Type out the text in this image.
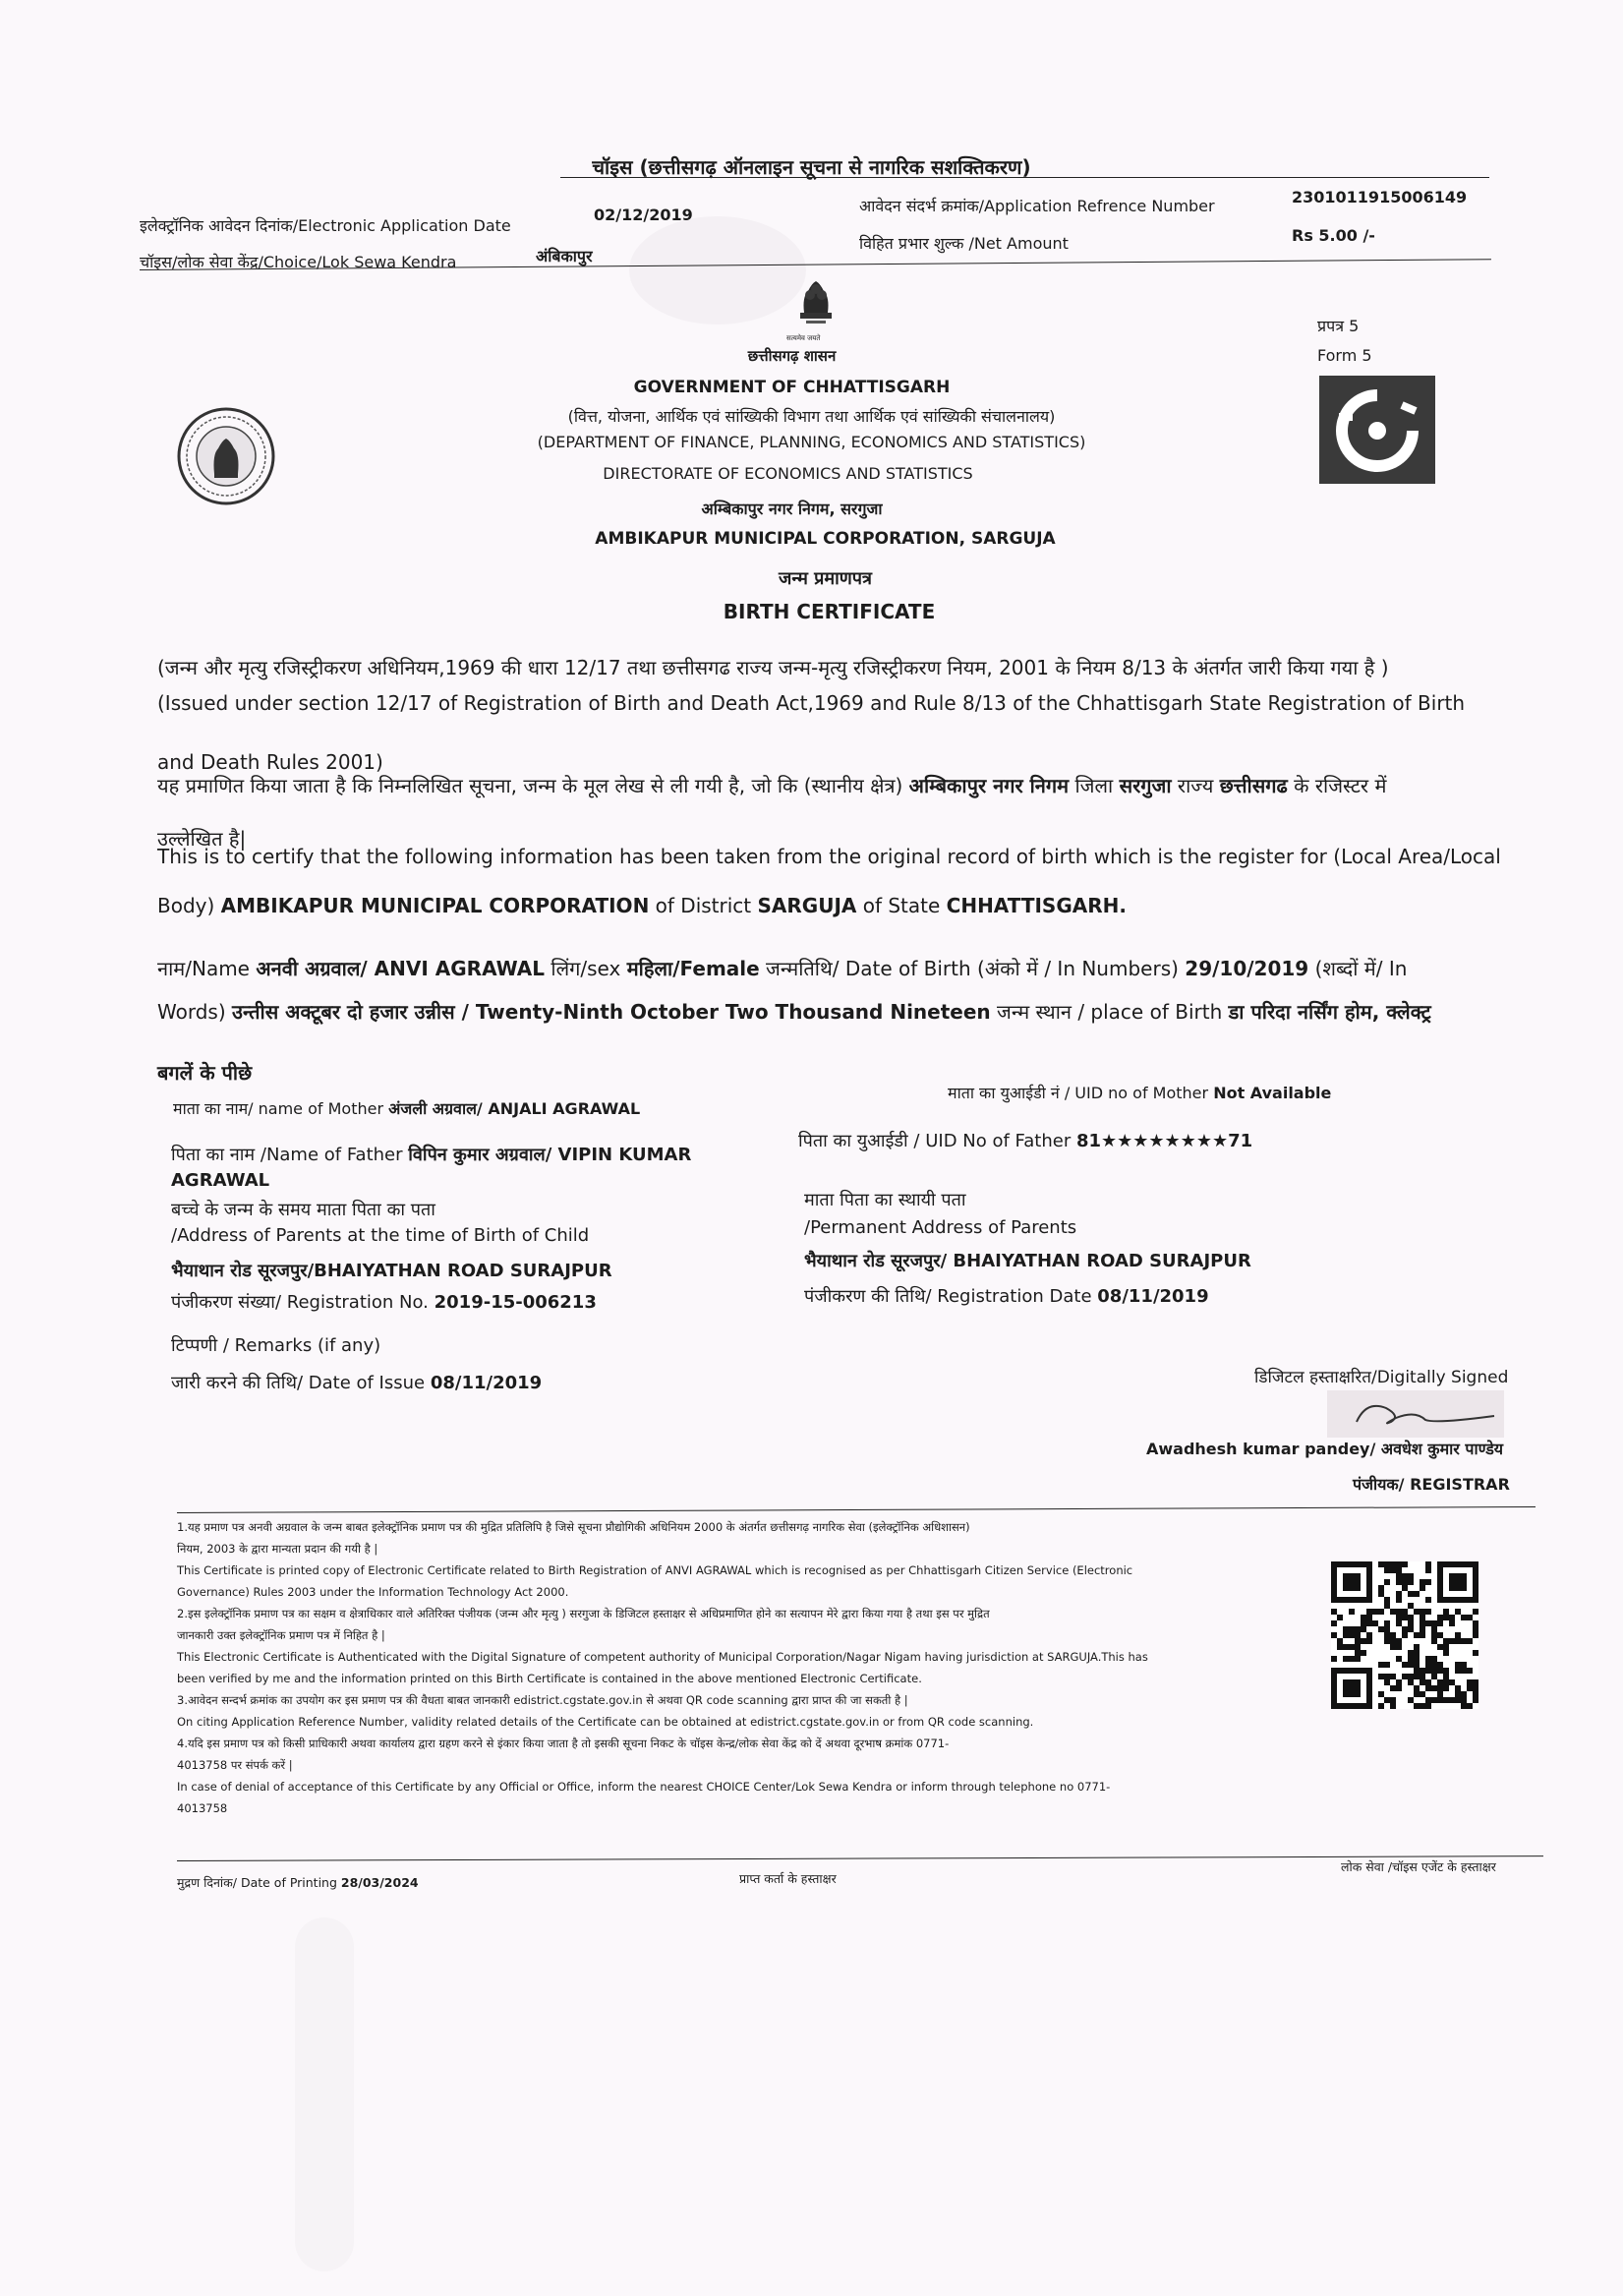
चॉइस (छत्तीसगढ़ ऑनलाइन सूचना से नागरिक सशक्तिकरण)
इलेक्ट्रॉनिक आवेदन दिनांक/Electronic Application Date
02/12/2019	आवेदन संदर्भ क्रमांक/Application Refrence Number	2301011915006149
चॉइस/लोक सेवा केंद्र/Choice/Lok Sewa Kendra	अंबिकापुर
विहित प्रभार शुल्क /Net Amount	Rs 5.00 /-
सत्यमेव जयते
छत्तीसगढ़ शासन
GOVERNMENT OF CHHATTISGARH
(वित्त, योजना, आर्थिक एवं सांख्यिकी विभाग तथा आर्थिक एवं सांख्यिकी संचालनालय)
(DEPARTMENT OF FINANCE, PLANNING, ECONOMICS AND STATISTICS)
DIRECTORATE OF ECONOMICS AND STATISTICS
अम्बिकापुर नगर निगम, सरगुजा
AMBIKAPUR MUNICIPAL CORPORATION, SARGUJA
जन्म प्रमाणपत्र
BIRTH CERTIFICATE
प्रपत्र 5
Form 5
(जन्म और मृत्यु रजिस्ट्रीकरण अधिनियम,1969 की धारा 12/17 तथा छत्तीसगढ राज्य जन्म-मृत्यु रजिस्ट्रीकरण नियम, 2001 के नियम 8/13 के अंतर्गत जारी किया गया है )
(Issued under section 12/17 of Registration of Birth and Death Act,1969 and Rule 8/13 of the Chhattisgarh State Registration of Birth
and Death Rules 2001)
यह प्रमाणित किया जाता है कि निम्नलिखित सूचना, जन्म के मूल लेख से ली गयी है, जो कि (स्थानीय क्षेत्र) अम्बिकापुर नगर निगम जिला सरगुजा राज्य छत्तीसगढ के रजिस्टर में
उल्लेखित है|
This is to certify that the following information has been taken from the original record of birth which is the register for (Local Area/Local
Body) AMBIKAPUR MUNICIPAL CORPORATION of District SARGUJA of State CHHATTISGARH.
नाम/Name अनवी अग्रवाल/ ANVI AGRAWAL लिंग/sex महिला/Female जन्मतिथि/ Date of Birth (अंको में / In Numbers) 29/10/2019 (शब्दों में/ In
Words) उन्तीस अक्टूबर दो हजार उन्नीस / Twenty-Ninth October Two Thousand Nineteen जन्म स्थान / place of Birth डा परिदा नर्सिंग होम, क्लेक्ट्र
बगलें के पीछे
माता का नाम/ name of Mother अंजली अग्रवाल/ ANJALI AGRAWAL
माता का युआईडी नं / UID no of Mother Not Available
पिता का नाम /Name of Father विपिन कुमार अग्रवाल/ VIPIN KUMAR
AGRAWAL
पिता का युआईडी / UID No of Father 81★★★★★★★★71
बच्चे के जन्म के समय माता पिता का पता
/Address of Parents at the time of Birth of Child
भैयाथान रोड सूरजपुर/BHAIYATHAN ROAD SURAJPUR
माता पिता का स्थायी पता
/Permanent Address of Parents
भैयाथान रोड सूरजपुर/ BHAIYATHAN ROAD SURAJPUR
पंजीकरण संख्या/ Registration No. 2019-15-006213	पंजीकरण की तिथि/ Registration Date 08/11/2019
टिप्पणी / Remarks (if any)
जारी करने की तिथि/ Date of Issue 08/11/2019	डिजिटल हस्ताक्षरित/Digitally Signed
Awadhesh kumar pandey/ अवधेश कुमार पाण्डेय
पंजीयक/ REGISTRAR

1.यह प्रमाण पत्र अनवी अग्रवाल के जन्म बाबत इलेक्ट्रॉनिक प्रमाण पत्र की मुद्रित प्रतिलिपि है जिसे सूचना प्रौद्योगिकी अधिनियम 2000 के अंतर्गत छत्तीसगढ़ नागरिक सेवा (इलेक्ट्रॉनिक अधिशासन)

नियम, 2003 के द्वारा मान्यता प्रदान की गयी है |

This Certificate is printed copy of Electronic Certificate related to Birth Registration of ANVI AGRAWAL which is recognised as per Chhattisgarh Citizen Service (Electronic

Governance) Rules 2003 under the Information Technology Act 2000.

2.इस इलेक्ट्रॉनिक प्रमाण पत्र का सक्षम व क्षेत्राधिकार वाले अतिरिक्त पंजीयक (जन्म और मृत्यु ) सरगुजा के डिजिटल हस्ताक्षर से अधिप्रमाणित होने का सत्यापन मेरे द्वारा किया गया है तथा इस पर मुद्रित

जानकारी उक्त इलेक्ट्रॉनिक प्रमाण पत्र में निहित है |

This Electronic Certificate is Authenticated with the Digital Signature of competent authority of Municipal Corporation/Nagar Nigam having jurisdiction at SARGUJA.This has

been verified by me and the information printed on this Birth Certificate is contained in the above mentioned Electronic Certificate.

3.आवेदन सन्दर्भ क्रमांक का उपयोग कर इस प्रमाण पत्र की वैधता बाबत जानकारी edistrict.cgstate.gov.in से अथवा QR code scanning द्वारा प्राप्त की जा सकती है |

On citing Application Reference Number, validity related details of the Certificate can be obtained at edistrict.cgstate.gov.in or from QR code scanning.

4.यदि इस प्रमाण पत्र को किसी प्राधिकारी अथवा कार्यालय द्वारा ग्रहण करने से इंकार किया जाता है तो इसकी सूचना निकट के चॉइस केन्द्र/लोक सेवा केंद्र को दें अथवा दूरभाष क्रमांक 0771-

4013758 पर संपर्क करें |

In case of denial of acceptance of this Certificate by any Official or Office, inform the nearest CHOICE Center/Lok Sewa Kendra or inform through telephone no 0771-

4013758

मुद्रण दिनांक/ Date of Printing 28/03/2024	प्राप्त कर्ता के हस्ताक्षर
लोक सेवा /चॉइस एजेंट के हस्ताक्षर
